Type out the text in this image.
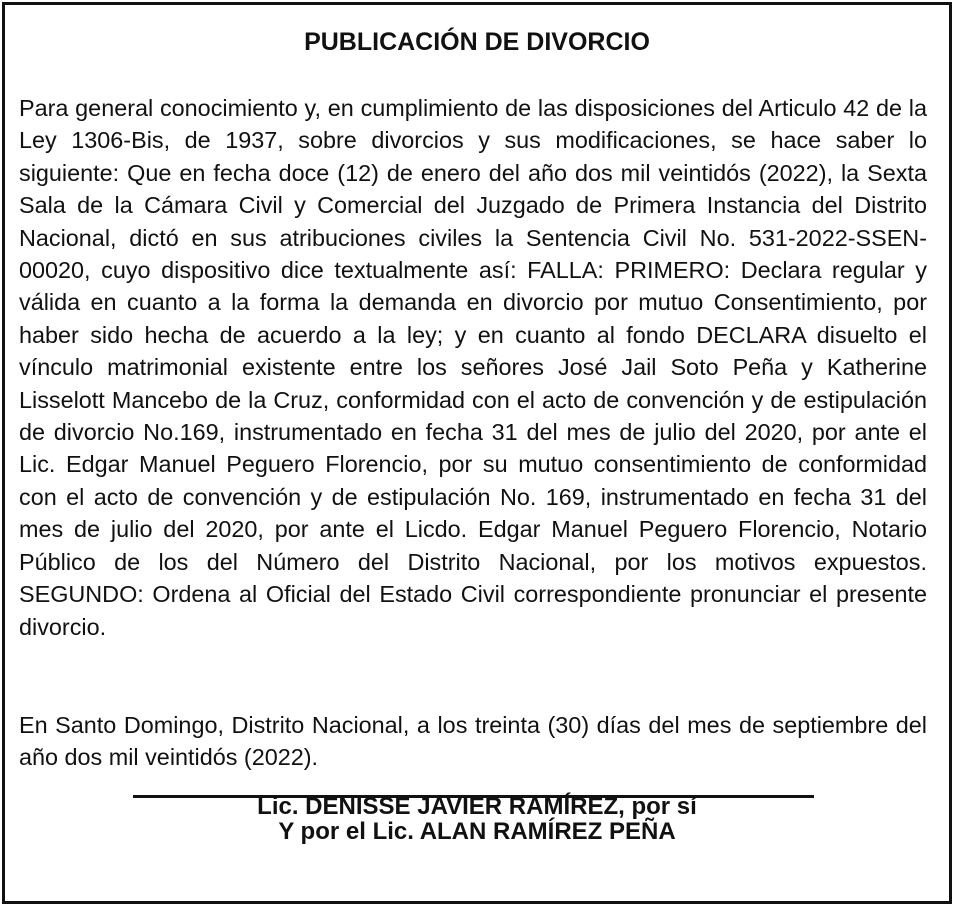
PUBLICACIÓN DE DIVORCIO

Para general conocimiento y, en cumplimiento de las disposiciones del Articulo 42 de la Ley 1306-Bis, de 1937, sobre divorcios y sus modificaciones, se hace saber lo siguiente: Que en fecha doce (12) de enero del año dos mil veintidós (2022), la Sexta Sala de la Cámara Civil y Comercial del Juzgado de Primera Instancia del Distrito Nacional, dictó en sus atribuciones civiles la Sentencia Civil No. 531-2022-SSEN-00020, cuyo dispositivo dice textualmente así: FALLA: PRIMERO: Declara regular y válida en cuanto a la forma la demanda en divorcio por mutuo Consentimiento, por haber sido hecha de acuerdo a la ley; y en cuanto al fondo DECLARA disuelto el vínculo matrimonial existente entre los señores José Jail Soto Peña y Katherine Lisselott Mancebo de la Cruz, conformidad con el acto de convención y de estipulación de divorcio No.169, instrumentado en fecha 31 del mes de julio del 2020, por ante el Lic. Edgar Manuel Peguero Florencio, por su mutuo consentimiento de conformidad con el acto de convención y de estipulación No. 169, instrumentado en fecha 31 del mes de julio del 2020, por ante el Licdo. Edgar Manuel Peguero Florencio, Notario Público de los del Número del Distrito Nacional, por los motivos expuestos. SEGUNDO: Ordena al Oficial del Estado Civil correspondiente pronunciar el presente divorcio.

En Santo Domingo, Distrito Nacional, a los treinta (30) días del mes de septiembre del año dos mil veintidós (2022).

Lic. DENISSE JAVIER RAMÍREZ, por sí
Y por el Lic. ALAN RAMÍREZ PEÑA
